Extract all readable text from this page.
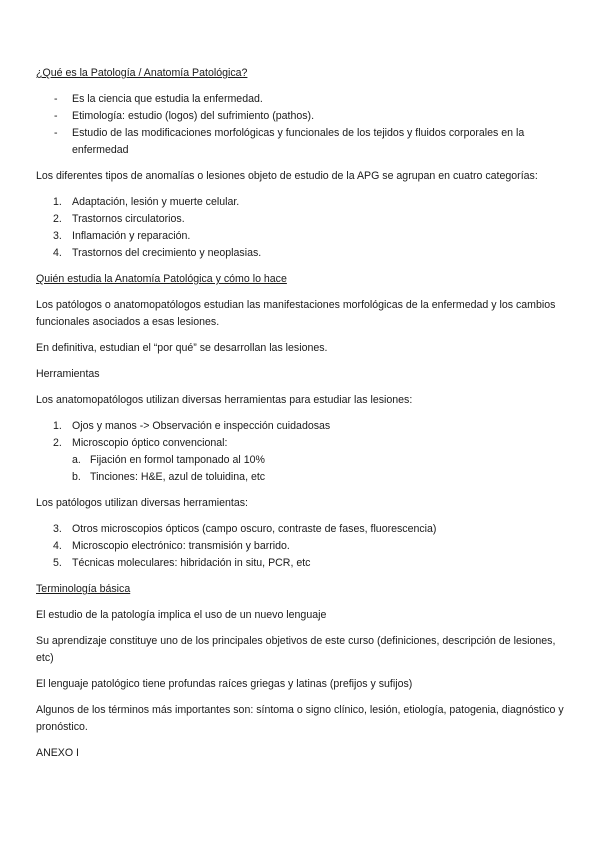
¿Qué es la Patología / Anatomía Patológica?

- Es la ciencia que estudia la enfermedad.
- Etimología: estudio (logos) del sufrimiento (pathos).
- Estudio de las modificaciones morfológicas y funcionales de los tejidos y fluidos corporales en la enfermedad

Los diferentes tipos de anomalías o lesiones objeto de estudio de la APG se agrupan en cuatro categorías:

1. Adaptación, lesión y muerte celular.
2. Trastornos circulatorios.
3. Inflamación y reparación.
4. Trastornos del crecimiento y neoplasias.

Quién estudia la Anatomía Patológica y cómo lo hace

Los patólogos o anatomopatólogos estudian las manifestaciones morfológicas de la enfermedad y los cambios funcionales asociados a esas lesiones.

En definitiva, estudian el “por qué” se desarrollan las lesiones.

Herramientas

Los anatomopatólogos utilizan diversas herramientas para estudiar las lesiones:

1. Ojos y manos -> Observación e inspección cuidadosas
2. Microscopio óptico convencional:
a. Fijación en formol tamponado al 10%
b. Tinciones: H&E, azul de toluidina, etc

Los patólogos utilizan diversas herramientas:

3. Otros microscopios ópticos (campo oscuro, contraste de fases, fluorescencia)
4. Microscopio electrónico: transmisión y barrido.
5. Técnicas moleculares: hibridación in situ, PCR, etc

Terminología básica

El estudio de la patología implica el uso de un nuevo lenguaje

Su aprendizaje constituye uno de los principales objetivos de este curso (definiciones, descripción de lesiones, etc)

El lenguaje patológico tiene profundas raíces griegas y latinas (prefijos y sufijos)

Algunos de los términos más importantes son: síntoma o signo clínico, lesión, etiología, patogenia, diagnóstico y pronóstico.

ANEXO I
